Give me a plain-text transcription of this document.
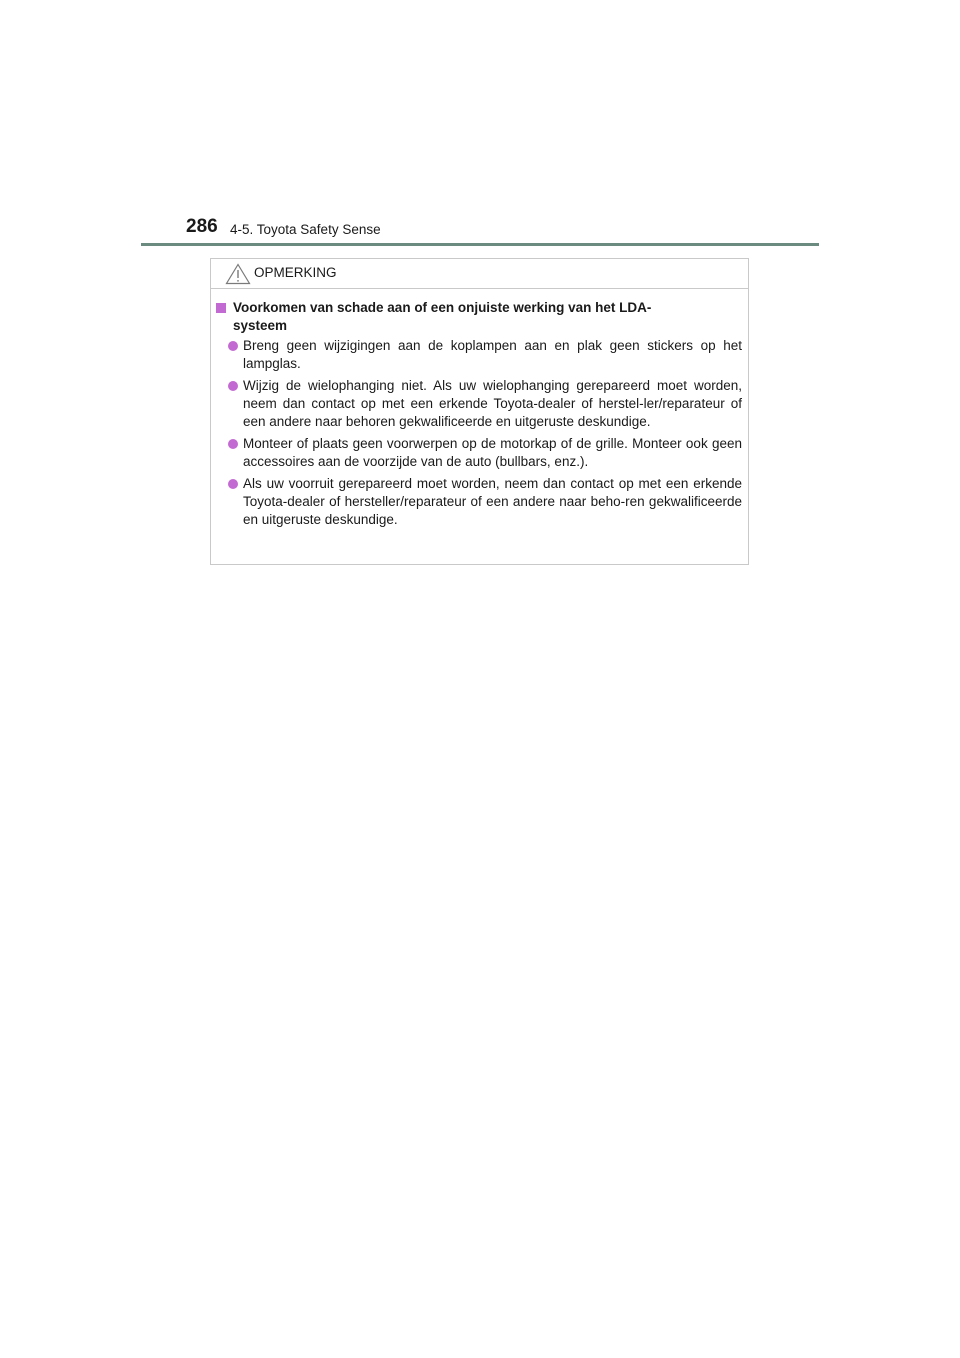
286 4-5. Toyota Safety Sense
OPMERKING
Voorkomen van schade aan of een onjuiste werking van het LDA-systeem
Breng geen wijzigingen aan de koplampen aan en plak geen stickers op het lampglas.
Wijzig de wielophanging niet. Als uw wielophanging gerepareerd moet worden, neem dan contact op met een erkende Toyota-dealer of herstel-ler/reparateur of een andere naar behoren gekwalificeerde en uitgeruste deskundige.
Monteer of plaats geen voorwerpen op de motorkap of de grille. Monteer ook geen accessoires aan de voorzijde van de auto (bullbars, enz.).
Als uw voorruit gerepareerd moet worden, neem dan contact op met een erkende Toyota-dealer of hersteller/reparateur of een andere naar beho-ren gekwalificeerde en uitgeruste deskundige.
